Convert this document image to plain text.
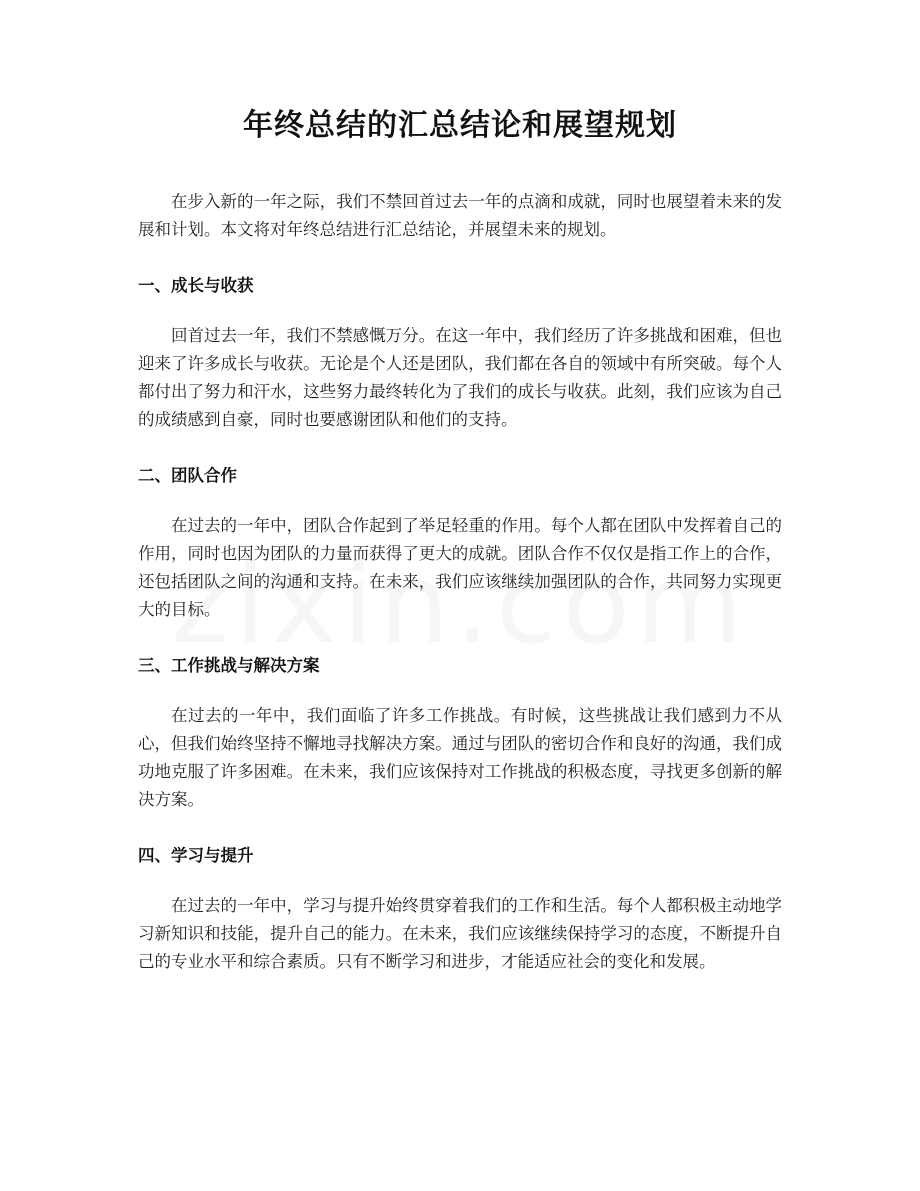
年终总结的汇总结论和展望规划

在步入新的一年之际，我们不禁回首过去一年的点滴和成就，同时也展望着未来的发展和计划。本文将对年终总结进行汇总结论，并展望未来的规划。

一、成长与收获

回首过去一年，我们不禁感慨万分。在这一年中，我们经历了许多挑战和困难，但也迎来了许多成长与收获。无论是个人还是团队，我们都在各自的领域中有所突破。每个人都付出了努力和汗水，这些努力最终转化为了我们的成长与收获。此刻，我们应该为自己的成绩感到自豪，同时也要感谢团队和他们的支持。

二、团队合作

在过去的一年中，团队合作起到了举足轻重的作用。每个人都在团队中发挥着自己的作用，同时也因为团队的力量而获得了更大的成就。团队合作不仅仅是指工作上的合作，还包括团队之间的沟通和支持。在未来，我们应该继续加强团队的合作，共同努力实现更大的目标。

三、工作挑战与解决方案

在过去的一年中，我们面临了许多工作挑战。有时候，这些挑战让我们感到力不从心，但我们始终坚持不懈地寻找解决方案。通过与团队的密切合作和良好的沟通，我们成功地克服了许多困难。在未来，我们应该保持对工作挑战的积极态度，寻找更多创新的解决方案。

四、学习与提升

在过去的一年中，学习与提升始终贯穿着我们的工作和生活。每个人都积极主动地学习新知识和技能，提升自己的能力。在未来，我们应该继续保持学习的态度，不断提升自己的专业水平和综合素质。只有不断学习和进步，才能适应社会的变化和发展。
